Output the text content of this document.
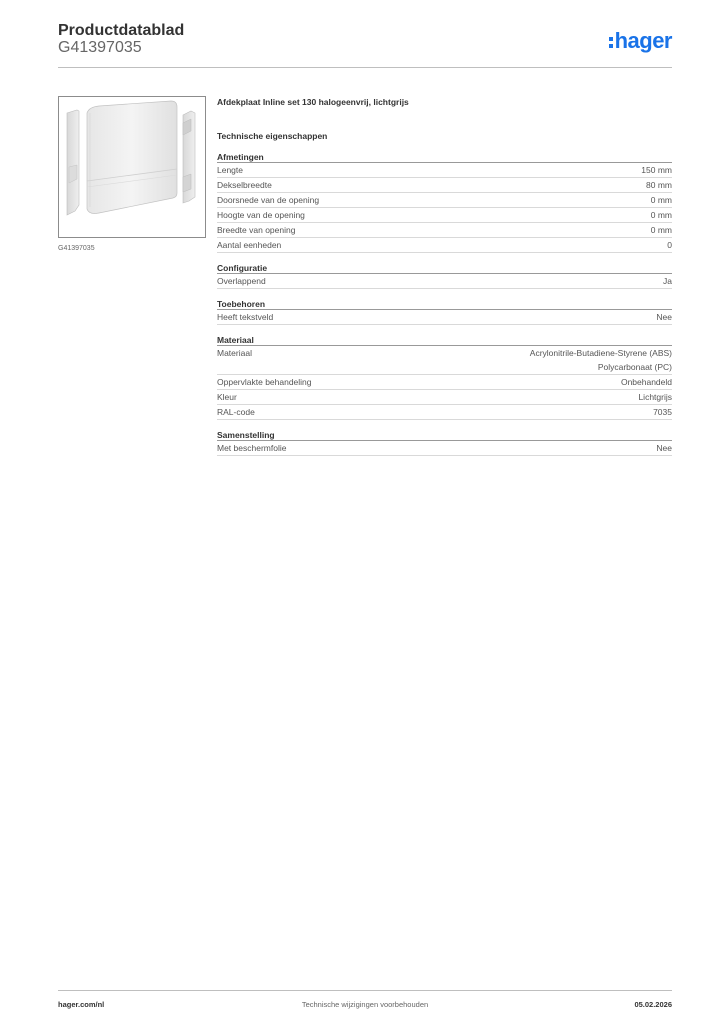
Productdatablad
G41397035	hager
G41397035
Afdekplaat Inline set 130 halogeenvrij, lichtgrijs
Technische eigenschappen
Afmetingen
Lengte	150 mm
Dekselbreedte	80 mm
Doorsnede van de opening	0 mm
Hoogte van de opening	0 mm
Breedte van opening	0 mm
Aantal eenheden	0
Configuratie
Overlappend	Ja
Toebehoren
Heeft tekstveld	Nee
Materiaal
Materiaal	Acrylonitrile-Butadiene-Styrene (ABS)
Polycarbonaat (PC)
Oppervlakte behandeling	Onbehandeld
Kleur	Lichtgrijs
RAL-code	7035
Samenstelling
Met beschermfolie	Nee
hager.com/nl	Technische wijzigingen voorbehouden	05.02.2026
